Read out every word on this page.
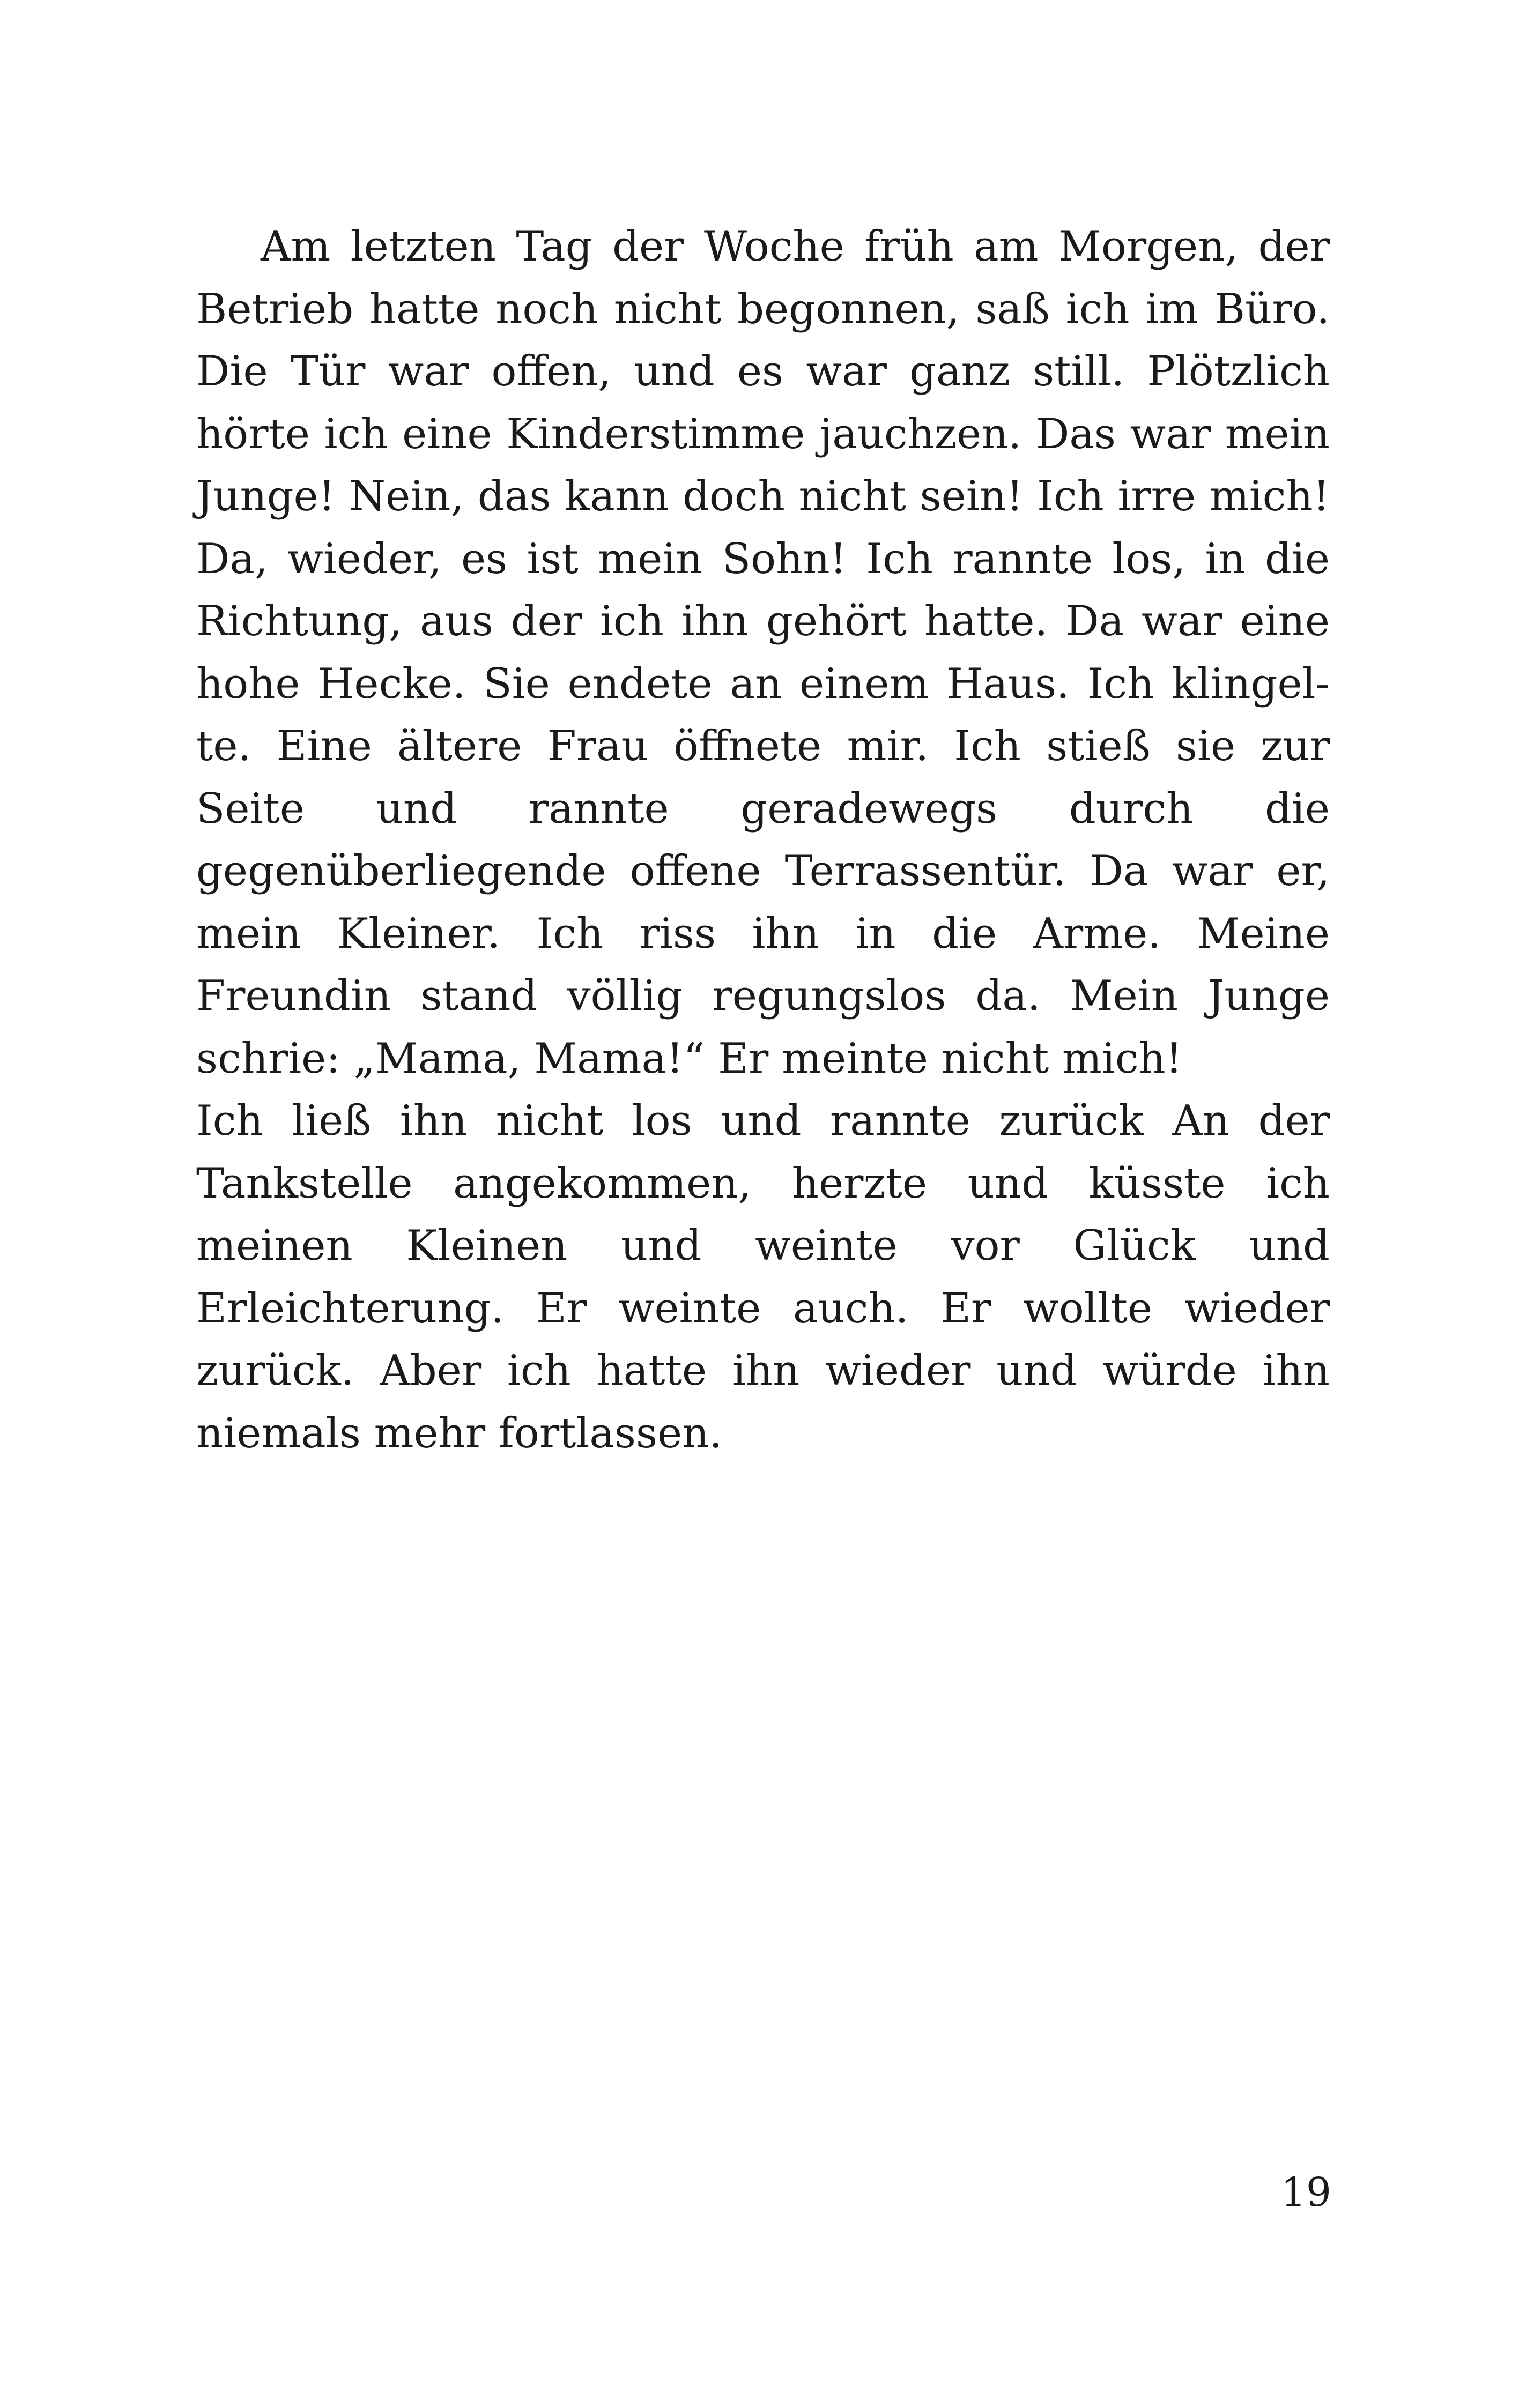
Am letzten Tag der Woche früh am Morgen, der Betrieb hatte noch nicht begonnen, saß ich im Büro. Die Tür war offen, und es war ganz still. Plötzlich hörte ich eine Kinderstimme jauchzen. Das war mein Junge! Nein, das kann doch nicht sein! Ich irre mich! Da, wieder, es ist mein Sohn! Ich rannte los, in die Richtung, aus der ich ihn gehört hatte. Da war eine hohe Hecke. Sie endete an einem Haus. Ich klingelte. Eine ältere Frau öffnete mir. Ich stieß sie zur Seite und rannte geradewegs durch die gegenüberliegende offene Terrassentür. Da war er, mein Kleiner. Ich riss ihn in die Arme. Meine Freundin stand völlig regungslos da. Mein Junge schrie: „Mama, Mama!“ Er meinte nicht mich!

Ich ließ ihn nicht los und rannte zurück An der Tankstelle angekommen, herzte und küsste ich meinen Kleinen und weinte vor Glück und Erleichterung. Er weinte auch. Er wollte wieder zurück. Aber ich hatte ihn wieder und würde ihn niemals mehr fortlassen.

19
